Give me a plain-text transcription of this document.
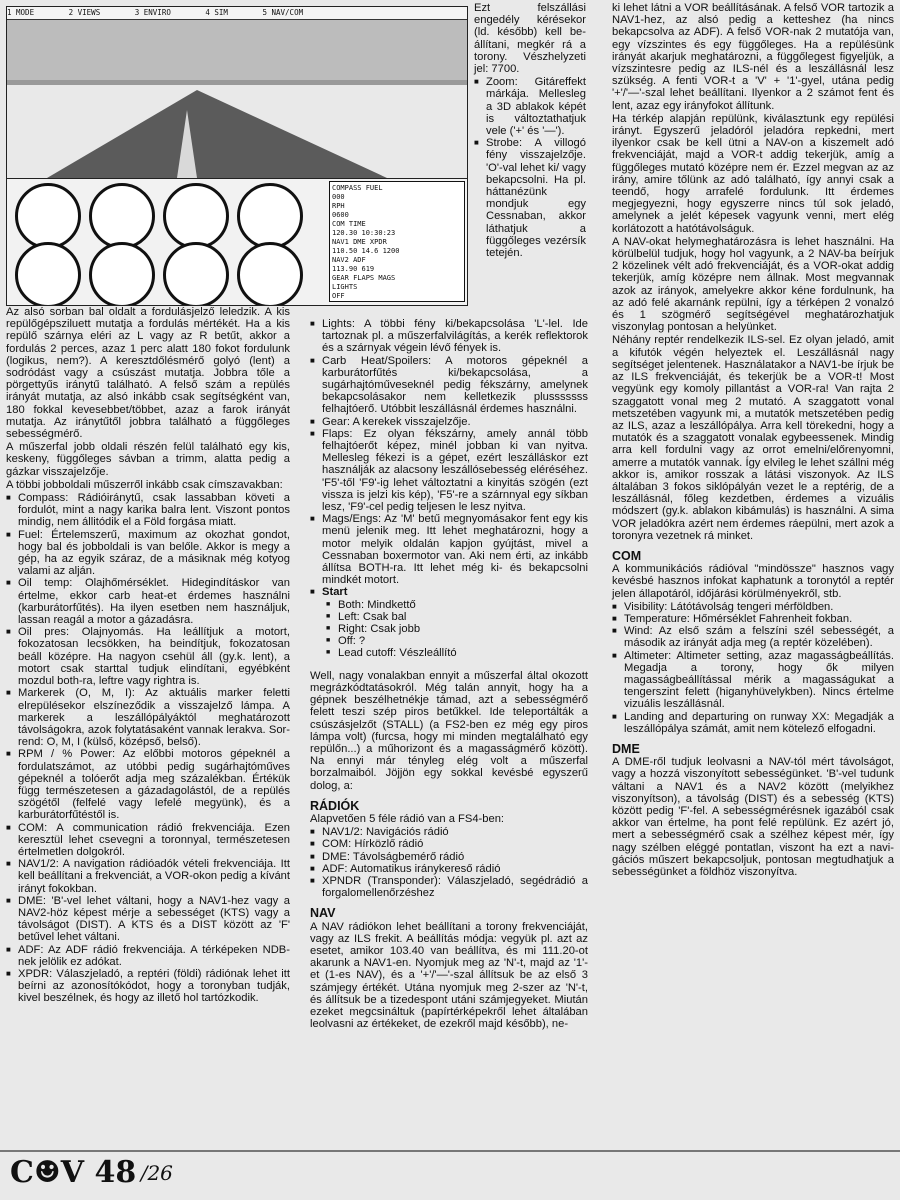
1 MODE	2 VIEWS	3 ENVIRO	4 SIM	5 NAV/COM
COMPASS FUEL
000
RPH
0600
COM TIME
120.30 10:30:23
NAV1 DME XPDR
110.50 14.6 1200
NAV2 ADF
113.90 619
GEAR FLAPS MAGS
LIGHTS
OFF

Az alsó sorban bal oldalt a fordulásjelző leledzik. A kis repülőgépsziluett mutatja a fordulás mértékét. Ha a kis repülő szárnya eléri az L vagy az R betűt, akkor a fordulás 2 perces, azaz 1 perc alatt 180 fokot fordulunk (logikus, nem?). A keresztdőlésmérő golyó (lent) a sodródást vagy a csúszást mutatja. Jobbra tőle a pörgettyűs iránytű található. A felső szám a repülés irányát mutatja, az alsó inkább csak segítségként van, 180 fokkal kevesebbet/többet, azaz a farok irányát mutatja. Az iránytűtől jobbra található a függőleges sebességmérő.

A műszerfal jobb oldali részén felül található egy kis, keskeny, függőleges sávban a trimm, alatta pedig a gázkar visszajelzője.

A többi jobboldali műszerről inkább csak címszavakban:

■ Compass: Rádióiránytű, csak lassabban követi a fordulót, mint a nagy karika balra lent. Viszont pontos mindig, nem állitódik el a Föld forgása miatt.
■ Fuel: Értelemszerű, maximum az okozhat gondot, hogy bal és jobboldali is van belőle. Akkor is megy a gép, ha az egyik száraz, de a másiknak még kotyog valami az alján.
■ Oil temp: Olajhőmérséklet. Hidegindításkor van értelme, ekkor carb heat-et érdemes használni (karburátorfűtés). Ha ilyen esetben nem használjuk, lassan reagál a motor a gázadásra.
■ Oil pres: Olajnyomás. Ha leállítjuk a motort, fokozatosan lecsökken, ha beindítjuk, fokozatosan beáll középre. Ha nagyon csehül áll (gy.k. lent), a motort csak starttal tudjuk elindítani, egyébként mozdul both-ra, leftre vagy rightra is.
■ Markerek (O, M, I): Az aktuális marker feletti elrepülésekor elszíneződik a visszajelző lámpa. A markerek a leszállópályáktól meghatározott távolságokra, azok folytatásaként vannak lerakva. Sorrend: O, M, I (külső, középső, belső).
■ RPM / % Power: Az előbbi motoros gépeknél a fordulatszámot, az utóbbi pedig sugárhajtóműves gépeknél a tolóerőt adja meg százalékban. Értékük függ természetesen a gázadagolástól, de a repülés szögétől (felfelé vagy lefelé megyünk), és a karburátorfűtéstől is.
■ COM: A communication rádió frekvenciája. Ezen keresztül lehet csevegni a toronnyal, természetesen értelmetlen dolgokról.
■ NAV1/2: A navigation rádióadók vételi frekvenciája. Itt kell beállítani a frekvenciát, a VOR-okon pedig a kívánt irányt fokokban.
■ DME: 'B'-vel lehet váltani, hogy a NAV1-hez vagy a NAV2-höz képest mérje a sebességet (KTS) vagy a távolságot (DIST). A KTS és a DIST között az 'F' betűvel lehet váltani.
■ ADF: Az ADF rádió frekvenciája. A térképeken NDB-nek jelölik ez adókat.
■ XPDR: Válaszjeladó, a reptéri (földi) rádiónak lehet itt beírni az azonosítókódot, hogy a toronyban tudják, kivel beszélnek, és hogy az illető hol tartózkodik.

Ezt felszállási engedély kérésekor (ld. később) kell beállítani, megkér rá a torony. Vészhelyzeti jel: 7700.

■ Zoom: Gitáreffekt márkája. Mellesleg a 3D ablakok képét is változtathatjuk vele ('+' és '—').
■ Strobe: A villogó fény visszajelzője. 'O'-val lehet ki/ vagy bekapcsolni. Ha pl. háttanézünk mondjuk egy Cessnaban, akkor láthatjuk a függőleges vezérsík tetején.
■ Lights: A többi fény ki/bekapcsolása 'L'-lel. Ide tartoznak pl. a műszerfalvilágítás, a kerék reflektorok és a szárnyak végein lévő fények is.
■ Carb Heat/Spoilers: A motoros gépeknél a karburátorfűtés ki/bekapcsolása, a sugárhajtóműveseknél pedig fékszárny, amelynek bekapcsolásakor nem kelletkezik plusssssss felhajtóerő. Utóbbit leszállásnál érdemes használni.
■ Gear: A kerekek visszajelzője.
■ Flaps: Ez olyan fékszárny, amely annál több felhajtóerőt képez, minél jobban ki van nyitva. Mellesleg fékezi is a gépet, ezért leszálláskor ezt használják az alacsony leszállósebesség eléréséhez. 'F5'-től 'F9'-ig lehet változtatni a kinyitás szögén (ezt vissza is jelzi kis kép), 'F5'-re a szárnnyal egy síkban lesz, 'F9'-cel pedig teljesen le lesz nyitva.
■ Mags/Engs: Az 'M' betű megnyomásakor fent egy kis menü jelenik meg. Itt lehet meghatározni, hogy a motor melyik oldalán kapjon gyújtást, mivel a Cessnaban boxermotor van. Aki nem érti, az inkább állítsa BOTH-ra. Itt lehet még ki- és bekapcsolni mindkét motort.
■ Start
■ Both: Mindkettő
■ Left: Csak bal
■ Right: Csak jobb
■ Off: ?
■ Lead cutoff: Vészleállító

Well, nagy vonalakban ennyit a műszerfal által okozott megrázkódtatásokról. Még talán annyit, hogy ha a gépnek beszélhetnékje támad, azt a sebességmérő felett teszi szép piros betűkkel. Ide teleportálták a csúszásjelzőt (STALL) (a FS2-ben ez még egy piros lámpa volt) (furcsa, hogy mi minden megtalálható egy repülőn...) a műhorizont és a magasságmérő között). Na ennyi már tényleg elég volt a műszerfal borzalmaiból. Jöjjön egy sokkal kevésbé egyszerű dolog, a:

RÁDIÓK

Alapvetően 5 féle rádió van a FS4-ben:

■ NAV1/2: Navigációs rádió
■ COM: Hírközlő rádió
■ DME: Távolságbemérő rádió
■ ADF: Automatikus iránykereső rádió
■ XPNDR (Transponder): Válaszjeladó, segédrádió a forgalomellenőrzéshez
NAV

A NAV rádiókon lehet beállítani a torony frekvenciáját, vagy az ILS frekit. A beállítás módja: vegyük pl. azt az esetet, amikor 103.40 van beállítva, és mi 111.20-ot akarunk a NAV1-en. Nyomjuk meg az 'N'-t, majd az '1'-et (1-es NAV), és a '+'/'—'-szal állítsuk be az első 3 számjegy értékét. Utána nyomjuk meg 2-szer az 'N'-t, és állítsuk be a tizedespont utáni számjegyeket. Miután ezeket megcsináltuk (papírtérképekről lehet általában leolvasni az értékeket, de ezekről majd később), ne-

ki lehet látni a VOR beállításának. A felső VOR tartozik a NAV1-hez, az alsó pedig a ketteshez (ha nincs bekapcsolva az ADF). A felső VOR-nak 2 mutatója van, egy vízszintes és egy függőleges. Ha a repülésünk irányát akarjuk meghatározni, a függőlegest figyeljük, a vízszintesre pedig az ILS-nél és a leszállásnál lesz szükség. A fenti VOR-t a 'V' + '1'-gyel, utána pedig '+'/'—'-szal lehet beállítani. Ilyenkor a 2 számot fent és lent, azaz egy irányfokot állítunk.

Ha térkép alapján repülünk, kiválasztunk egy repülési irányt. Egyszerű jeladóról jeladóra repkedni, mert ilyenkor csak be kell ütni a NAV-on a kiszemelt adó frekvenciáját, majd a VOR-t addig tekerjük, amíg a függőleges mutató középre nem ér. Ezzel megvan az az irány, amire tőlünk az adó található, így annyi csak a teendő, hogy arrafelé fordulunk. Itt érdemes megjegyezni, hogy egyszerre nincs túl sok jeladó, amelynek a jelét képesek vagyunk venni, mert elég korlátozott a hatótávolságuk.

A NAV-okat helymeghatározásra is lehet használni. Ha körülbelül tudjuk, hogy hol vagyunk, a 2 NAV-ba beírjuk 2 közelinek vélt adó frekvenciáját, és a VOR-okat addig tekerjük, amíg középre nem állnak. Most megvannak azok az irányok, amelyekre akkor kéne fordulnunk, ha az adó felé akarnánk repülni, így a térképen 2 vonalzó és 1 szögmérő segítségével meghatározhatjuk viszonylag pontosan a helyünket.

Néhány reptér rendelkezik ILS-sel. Ez olyan jeladó, amit a kifutók végén helyeztek el. Leszállásnál nagy segítséget jelentenek. Használatakor a NAV1-be írjuk be az ILS frekvenciáját, és tekerjük be a VOR-t! Most vegyünk egy komoly pillantást a VOR-ra! Van rajta 2 szaggatott vonal meg 2 mutató. A szaggatott vonal metszetében vagyunk mi, a mutatók metszetében pedig az ILS, azaz a leszállópálya. Arra kell törekedni, hogy a mutatók és a szaggatott vonalak egybeessenek. Mindig arra kell fordulni vagy az orrot emelni/előrenyomni, amerre a mutatók vannak. Így elvileg le lehet szállni még akkor is, amikor rosszak a látási viszonyok. Az ILS általában 3 fokos siklópályán vezet le a reptérig, de a leszállásnál, főleg kezdetben, érdemes a vizuális módszert (gy.k. ablakon kibámulás) is használni. A sima VOR jeladókra azért nem érdemes ráepülni, mert azok a toronyra vezetnek rá minket.

COM

A kommunikációs rádióval "mindössze" hasznos vagy kevésbé hasznos infokat kaphatunk a toronytól a reptér jelen állapotáról, időjárási körülményekről, stb.

■ Visibility: Látótávolság tengeri mérföldben.
■ Temperature: Hőmérséklet Fahrenheit fokban.
■ Wind: Az első szám a felszíni szél sebességét, a második az irányát adja meg (a reptér közelében).
■ Altimeter: Altimeter setting, azaz magasságbeállítás. Megadja a torony, hogy ők milyen magasságbeállítással mérik a magasságukat a tengerszint felett (higanyhüvelykben). Nincs értelme vizuális leszállásnál.
■ Landing and departuring on runway XX: Megadják a leszállópálya számát, amit nem kötelező elfogadni.
DME

A DME-ről tudjuk leolvasni a NAV-tól mért távolságot, vagy a hozzá viszonyított sebességünket. 'B'-vel tudunk váltani a NAV1 és a NAV2 között (melyikhez viszonyítson), a távolság (DIST) és a sebesség (KTS) között pedig 'F'-fel. A sebességmérésnek igazából csak akkor van értelme, ha pont felé repülünk. Ez azért jó, mert a sebességmérő csak a szélhez képest mér, így nagy szélben eléggé pontatlan, viszont ha ezt a navigációs műszert bekapcsoljuk, pontosan megtudhatjuk a sebességünket a földhöz viszonyítva.

C☻V 48 /26
